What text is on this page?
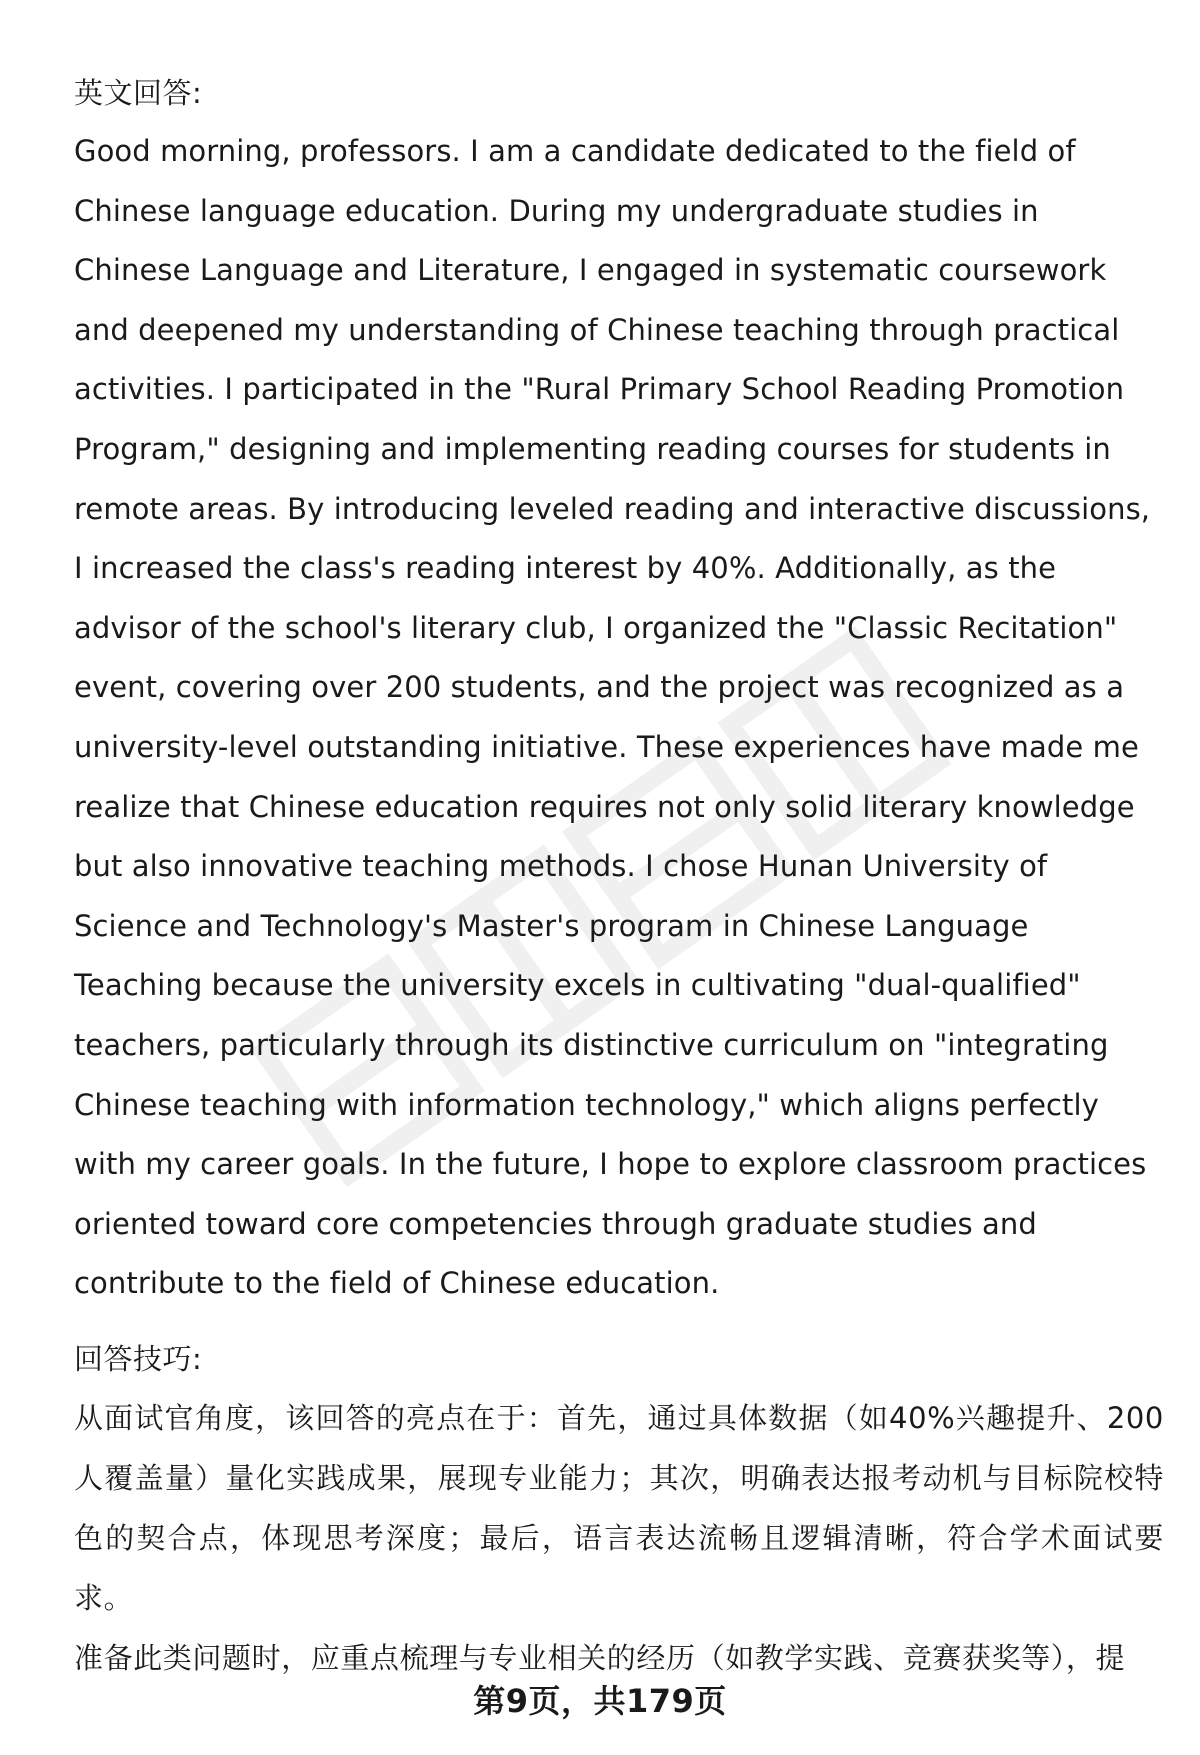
英文回答:

Good morning, professors. I am a candidate dedicated to the field of Chinese language education. During my undergraduate studies in Chinese Language and Literature, I engaged in systematic coursework and deepened my understanding of Chinese teaching through practical activities. I participated in the "Rural Primary School Reading Promotion Program," designing and implementing reading courses for students in remote areas. By introducing leveled reading and interactive discussions, I increased the class's reading interest by 40%. Additionally, as the advisor of the school's literary club, I organized the "Classic Recitation" event, covering over 200 students, and the project was recognized as a university-level outstanding initiative. These experiences have made me realize that Chinese education requires not only solid literary knowledge but also innovative teaching methods. I chose Hunan University of Science and Technology's Master's program in Chinese Language Teaching because the university excels in cultivating "dual-qualified" teachers, particularly through its distinctive curriculum on "integrating Chinese teaching with information technology," which aligns perfectly with my career goals. In the future, I hope to explore classroom practices oriented toward core competencies through graduate studies and contribute to the field of Chinese education.

回答技巧:

从面试官角度，该回答的亮点在于：首先，通过具体数据（如40%兴趣提升、200人覆盖量）量化实践成果，展现专业能力；其次，明确表达报考动机与目标院校特色的契合点，体现思考深度；最后，语言表达流畅且逻辑清晰，符合学术面试要求。

准备此类问题时，应重点梳理与专业相关的经历（如教学实践、竞赛获奖等），提

第9页，共179页
